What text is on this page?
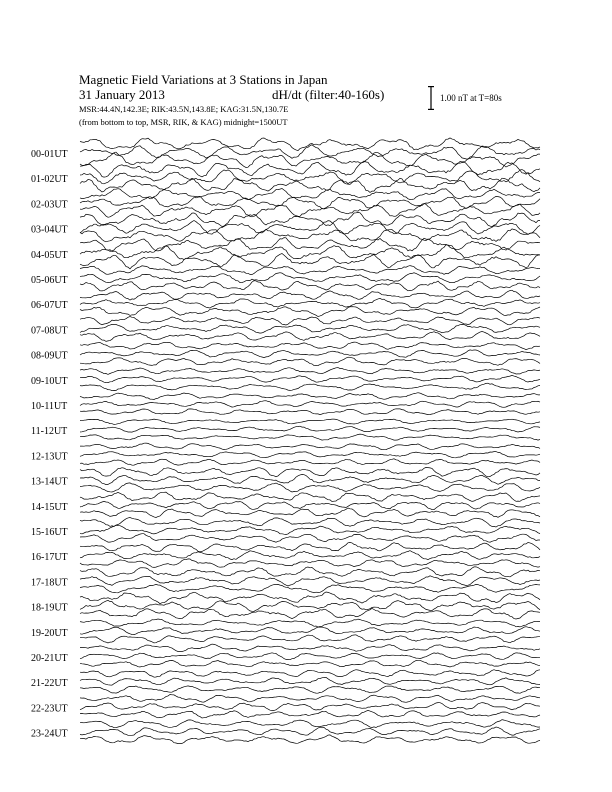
Magnetic Field Variations at 3 Stations in Japan
31 January 2013	dH/dt (filter:40-160s)
MSR:44.4N,142.3E; RIK:43.5N,143.8E; KAG:31.5N,130.7E
(from bottom to top, MSR, RIK, & KAG) midnight=1500UT
1.00 nT at T=80s
00-01UT
01-02UT
02-03UT
03-04UT
04-05UT
05-06UT
06-07UT
07-08UT
08-09UT
09-10UT
10-11UT
11-12UT
12-13UT
13-14UT
14-15UT
15-16UT
16-17UT
17-18UT
18-19UT
19-20UT
20-21UT
21-22UT
22-23UT
23-24UT
